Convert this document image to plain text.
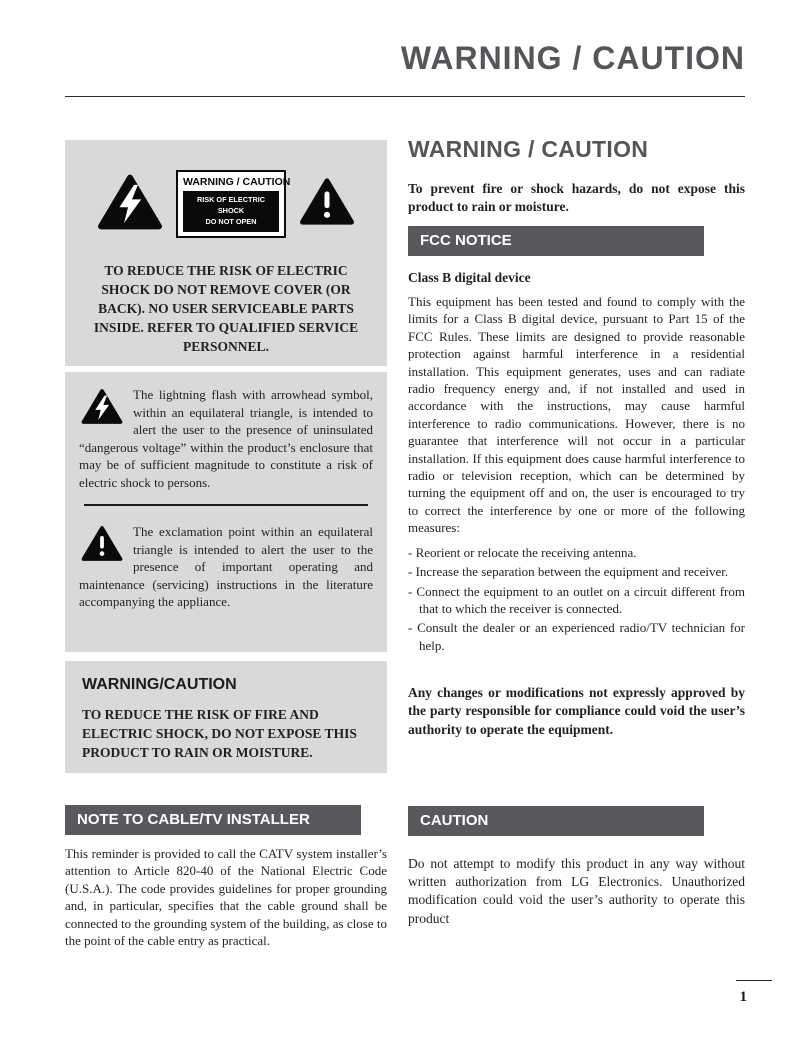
WARNING / CAUTION
WARNING / CAUTION
RISK OF ELECTRIC SHOCK
DO NOT OPEN
TO REDUCE THE RISK OF ELECTRIC SHOCK DO NOT REMOVE COVER (OR BACK). NO USER SERVICEABLE PARTS INSIDE. REFER TO QUALIFIED SERVICE PERSONNEL.
The lightning flash with arrowhead symbol, within an equilateral triangle, is intended to alert the user to the presence of uninsulated “dangerous voltage” within the product’s enclosure that may be of sufficient magnitude to constitute a risk of electric shock to persons.
The exclamation point within an equilateral triangle is intended to alert the user to the presence of important operating and maintenance (servicing) instructions in the literature accompanying the appliance.
WARNING/CAUTION
TO REDUCE THE RISK OF FIRE AND ELECTRIC SHOCK, DO NOT EXPOSE THIS PRODUCT TO RAIN OR MOISTURE.
NOTE TO CABLE/TV INSTALLER
This reminder is provided to call the CATV system installer’s attention to Article 820-40 of the National Electric Code (U.S.A.). The code provides guidelines for proper grounding and, in particular, specifies that the cable ground shall be connected to the grounding system of the building, as close to the point of the cable entry as practical.
WARNING / CAUTION
To prevent fire or shock hazards, do not expose this product to rain or moisture.
FCC NOTICE
Class B digital device
This equipment has been tested and found to comply with the limits for a Class B digital device, pursuant to Part 15 of the FCC Rules. These limits are designed to provide reasonable protection against harmful interference in a residential installation. This equipment generates, uses and can radiate radio frequency energy and, if not installed and used in accordance with the instructions, may cause harmful interference to radio communications. However, there is no guarantee that interference will not occur in a particular installation. If this equipment does cause harmful interference to radio or television reception, which can be determined by turning the equipment off and on, the user is encouraged to try to correct the interference by one or more of the following measures:
- Reorient or relocate the receiving antenna.
- Increase the separation between the equipment and receiver.
- Connect the equipment to an outlet on a circuit different from that to which the receiver is connected.
- Consult the dealer or an experienced radio/TV technician for help.
Any changes or modifications not expressly approved by the party responsible for compliance could void the user’s authority to operate the equipment.
CAUTION
Do not attempt to modify this product in any way without written authorization from LG Electronics. Unauthorized modification could void the user’s authority to operate this product
1
